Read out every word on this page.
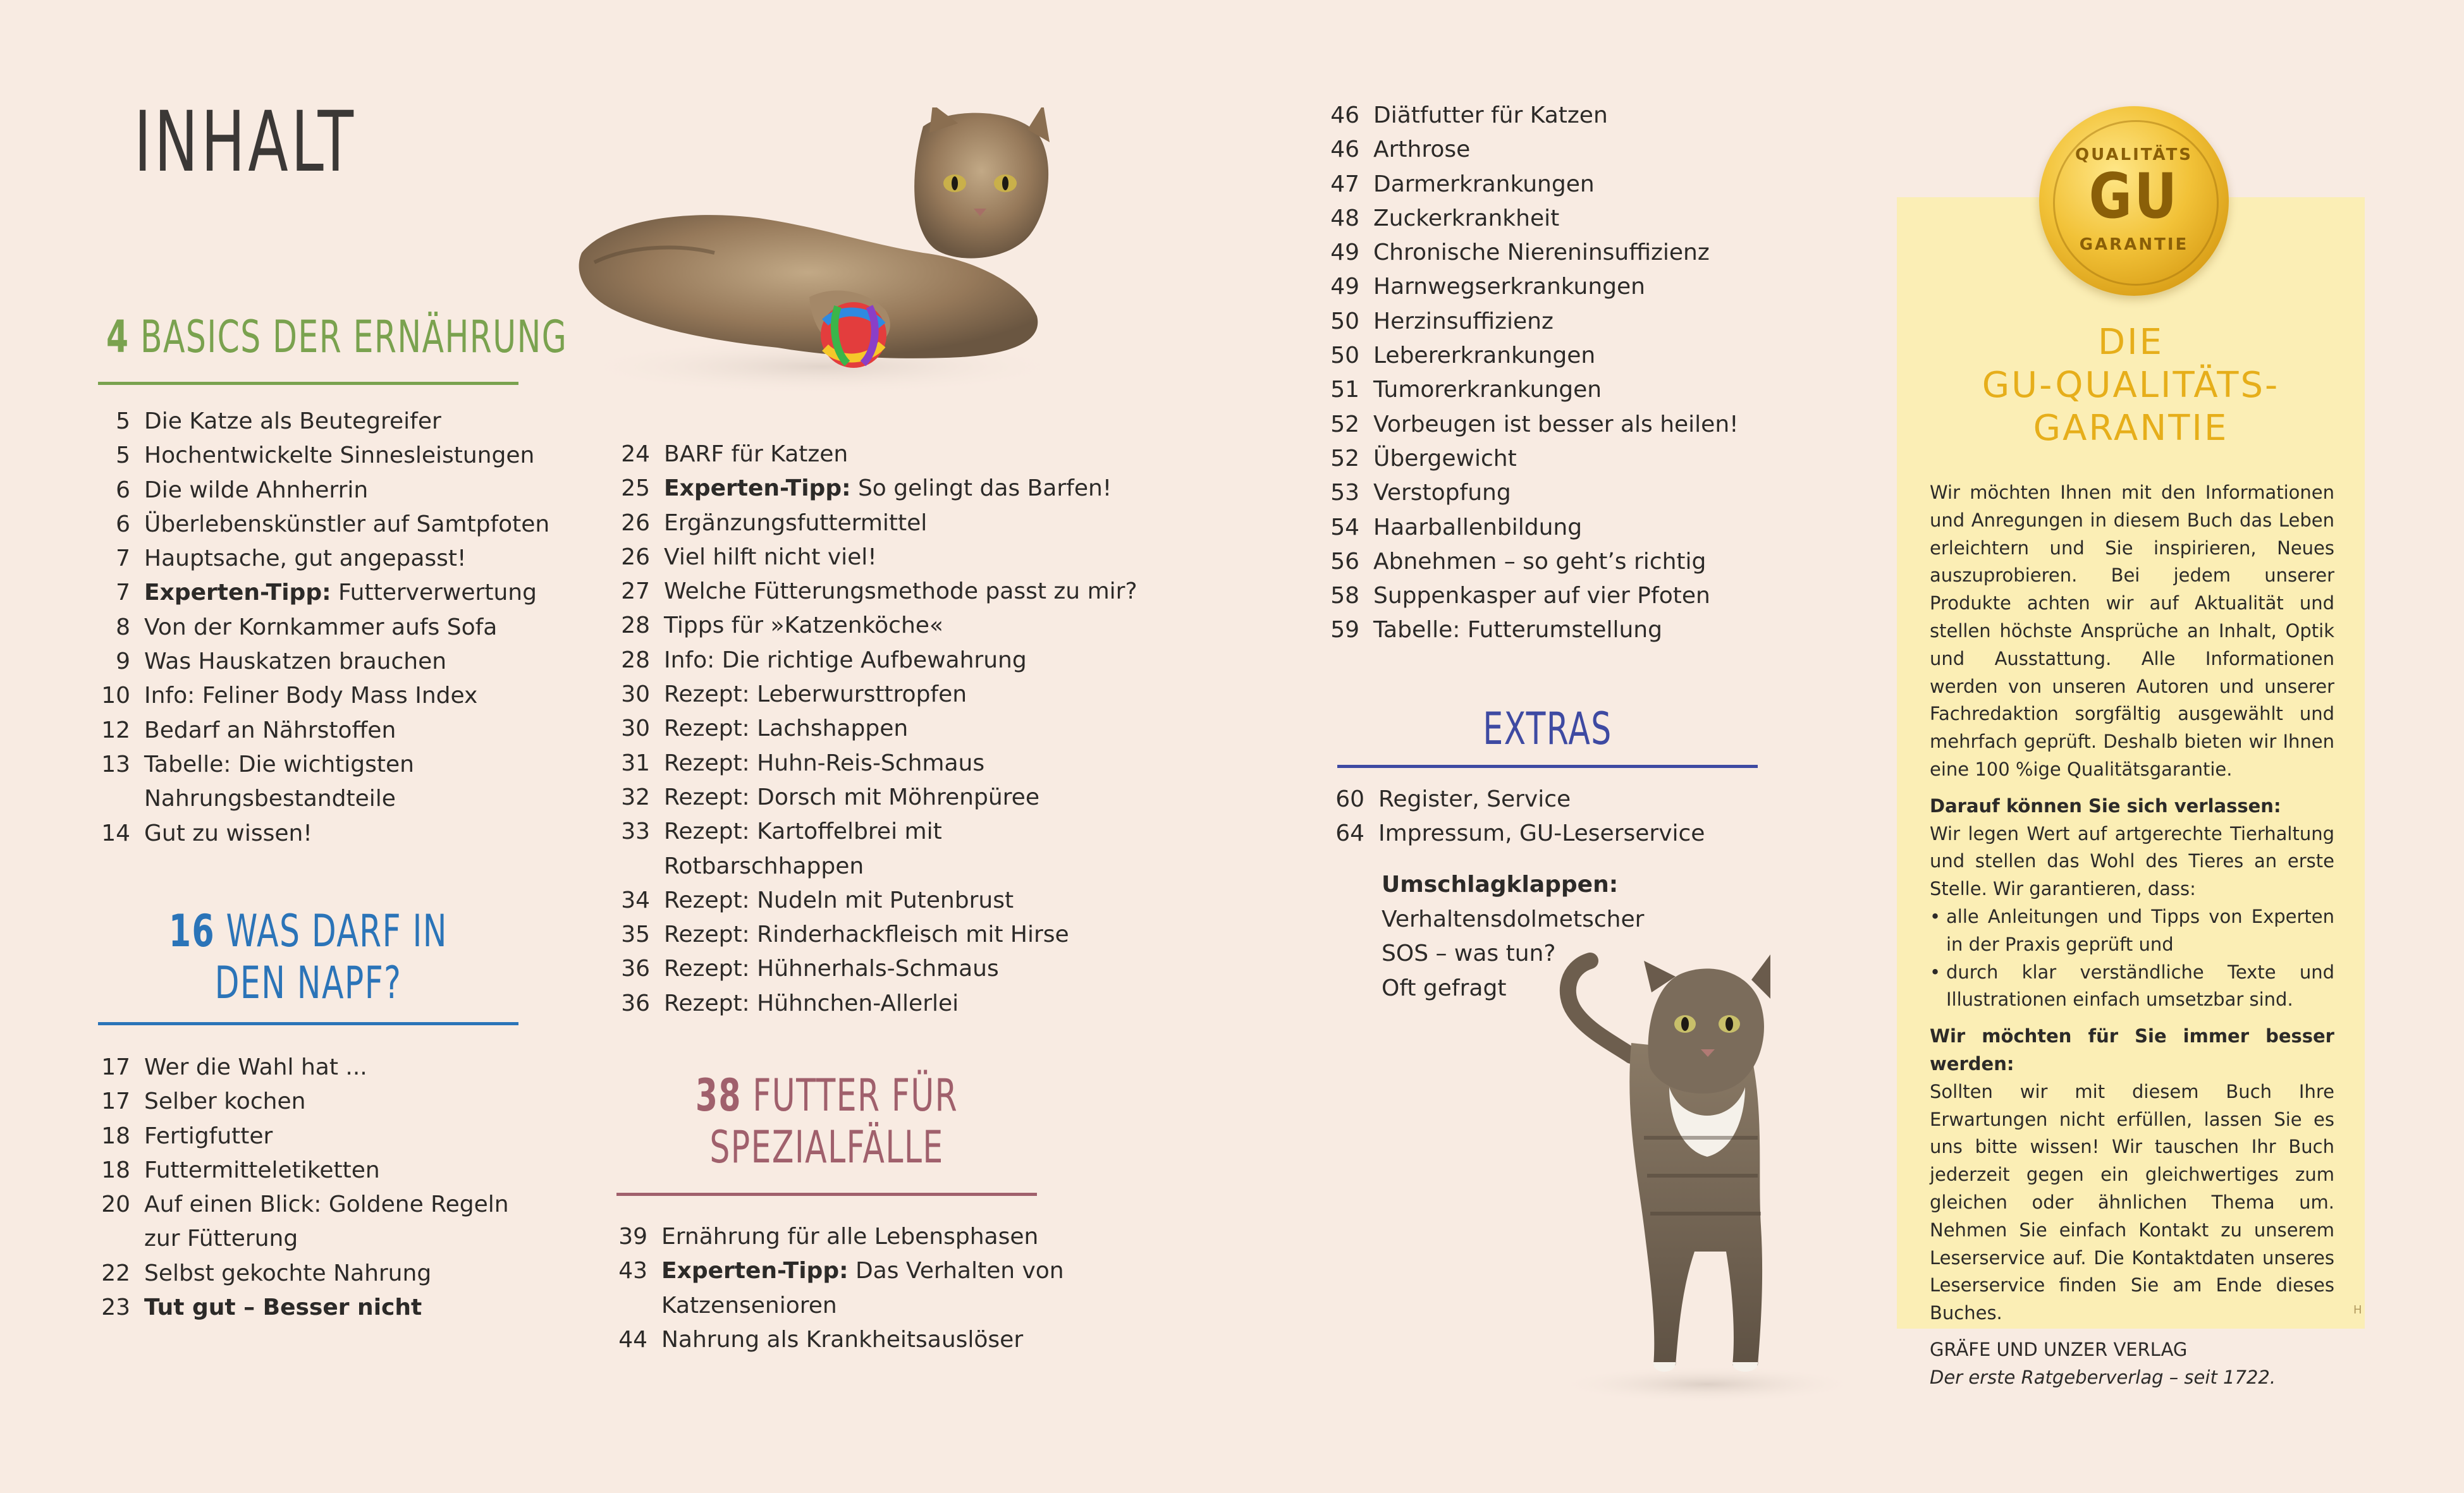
INHALT
4 BASICS DER ERNÄHRUNG
5 Die Katze als Beutegreifer
5 Hochentwickelte Sinnesleistungen
6 Die wilde Ahnherrin
6 Überlebenskünstler auf Samtpfoten
7 Hauptsache, gut angepasst!
7 Experten-Tipp: Futterverwertung
8 Von der Kornkammer aufs Sofa
9 Was Hauskatzen brauchen
10 Info: Feliner Body Mass Index
12 Bedarf an Nährstoffen
13 Tabelle: Die wichtigsten
Nahrungsbestandteile
14 Gut zu wissen!
16 WAS DARF IN
DEN NAPF?
17 Wer die Wahl hat ...
17 Selber kochen
18 Fertigfutter
18 Futtermitteletiketten
20 Auf einen Blick: Goldene Regeln
zur Fütterung
22 Selbst gekochte Nahrung
23 Tut gut – Besser nicht
24 BARF für Katzen
25 Experten-Tipp: So gelingt das Barfen!
26 Ergänzungsfuttermittel
26 Viel hilft nicht viel!
27 Welche Fütterungsmethode passt zu mir?
28 Tipps für »Katzenköche«
28 Info: Die richtige Aufbewahrung
30 Rezept: Leberwursttropfen
30 Rezept: Lachshappen
31 Rezept: Huhn-Reis-Schmaus
32 Rezept: Dorsch mit Möhrenpüree
33 Rezept: Kartoffelbrei mit
Rotbarschhappen
34 Rezept: Nudeln mit Putenbrust
35 Rezept: Rinderhackfleisch mit Hirse
36 Rezept: Hühnerhals-Schmaus
36 Rezept: Hühnchen-Allerlei
38 FUTTER FÜR
SPEZIALFÄLLE
39 Ernährung für alle Lebensphasen
43 Experten-Tipp: Das Verhalten von
Katzensenioren
44 Nahrung als Krankheitsauslöser
46 Diätfutter für Katzen
46 Arthrose
47 Darmerkrankungen
48 Zuckerkrankheit
49 Chronische Niereninsuffizienz
49 Harnwegserkrankungen
50 Herzinsuffizienz
50 Lebererkrankungen
51 Tumorerkrankungen
52 Vorbeugen ist besser als heilen!
52 Übergewicht
53 Verstopfung
54 Haarballenbildung
56 Abnehmen – so geht’s richtig
58 Suppenkasper auf vier Pfoten
59 Tabelle: Futterumstellung
EXTRAS
60 Register, Service
64 Impressum, GU-Leserservice
Umschlagklappen:
Verhaltensdolmetscher
SOS – was tun?
Oft gefragt
QUALITÄTS
GU
GARANTIE
DIE
GU-QUALITÄTS-
GARANTIE

Wir möchten Ihnen mit den Informationen und Anregungen in diesem Buch das Leben erleichtern und Sie inspirieren, Neues auszuprobieren. Bei jedem unserer Produkte achten wir auf Aktualität und stellen höchste Ansprüche an Inhalt, Optik und Ausstattung. Alle Informationen werden von unseren Autoren und unserer Fachredaktion sorgfältig ausgewählt und mehrfach geprüft. Deshalb bieten wir Ihnen eine 100 %ige Qualitätsgarantie.

Darauf können Sie sich verlassen:

Wir legen Wert auf artgerechte Tierhaltung und stellen das Wohl des Tieres an erste Stelle. Wir garantieren, dass:

• alle Anleitungen und Tipps von Experten in der Praxis geprüft und
• durch klar verständliche Texte und Illustrationen einfach umsetzbar sind.

Wir möchten für Sie immer besser werden:

Sollten wir mit diesem Buch Ihre Erwartungen nicht erfüllen, lassen Sie es uns bitte wissen! Wir tauschen Ihr Buch jederzeit gegen ein gleichwertiges zum gleichen oder ähnlichen Thema um. Nehmen Sie einfach Kontakt zu unserem Leserservice auf. Die Kontaktdaten unseres Leserservice finden Sie am Ende dieses Buches.

GRÄFE UND UNZER VERLAG

Der erste Ratgeberverlag – seit 1722.

H
